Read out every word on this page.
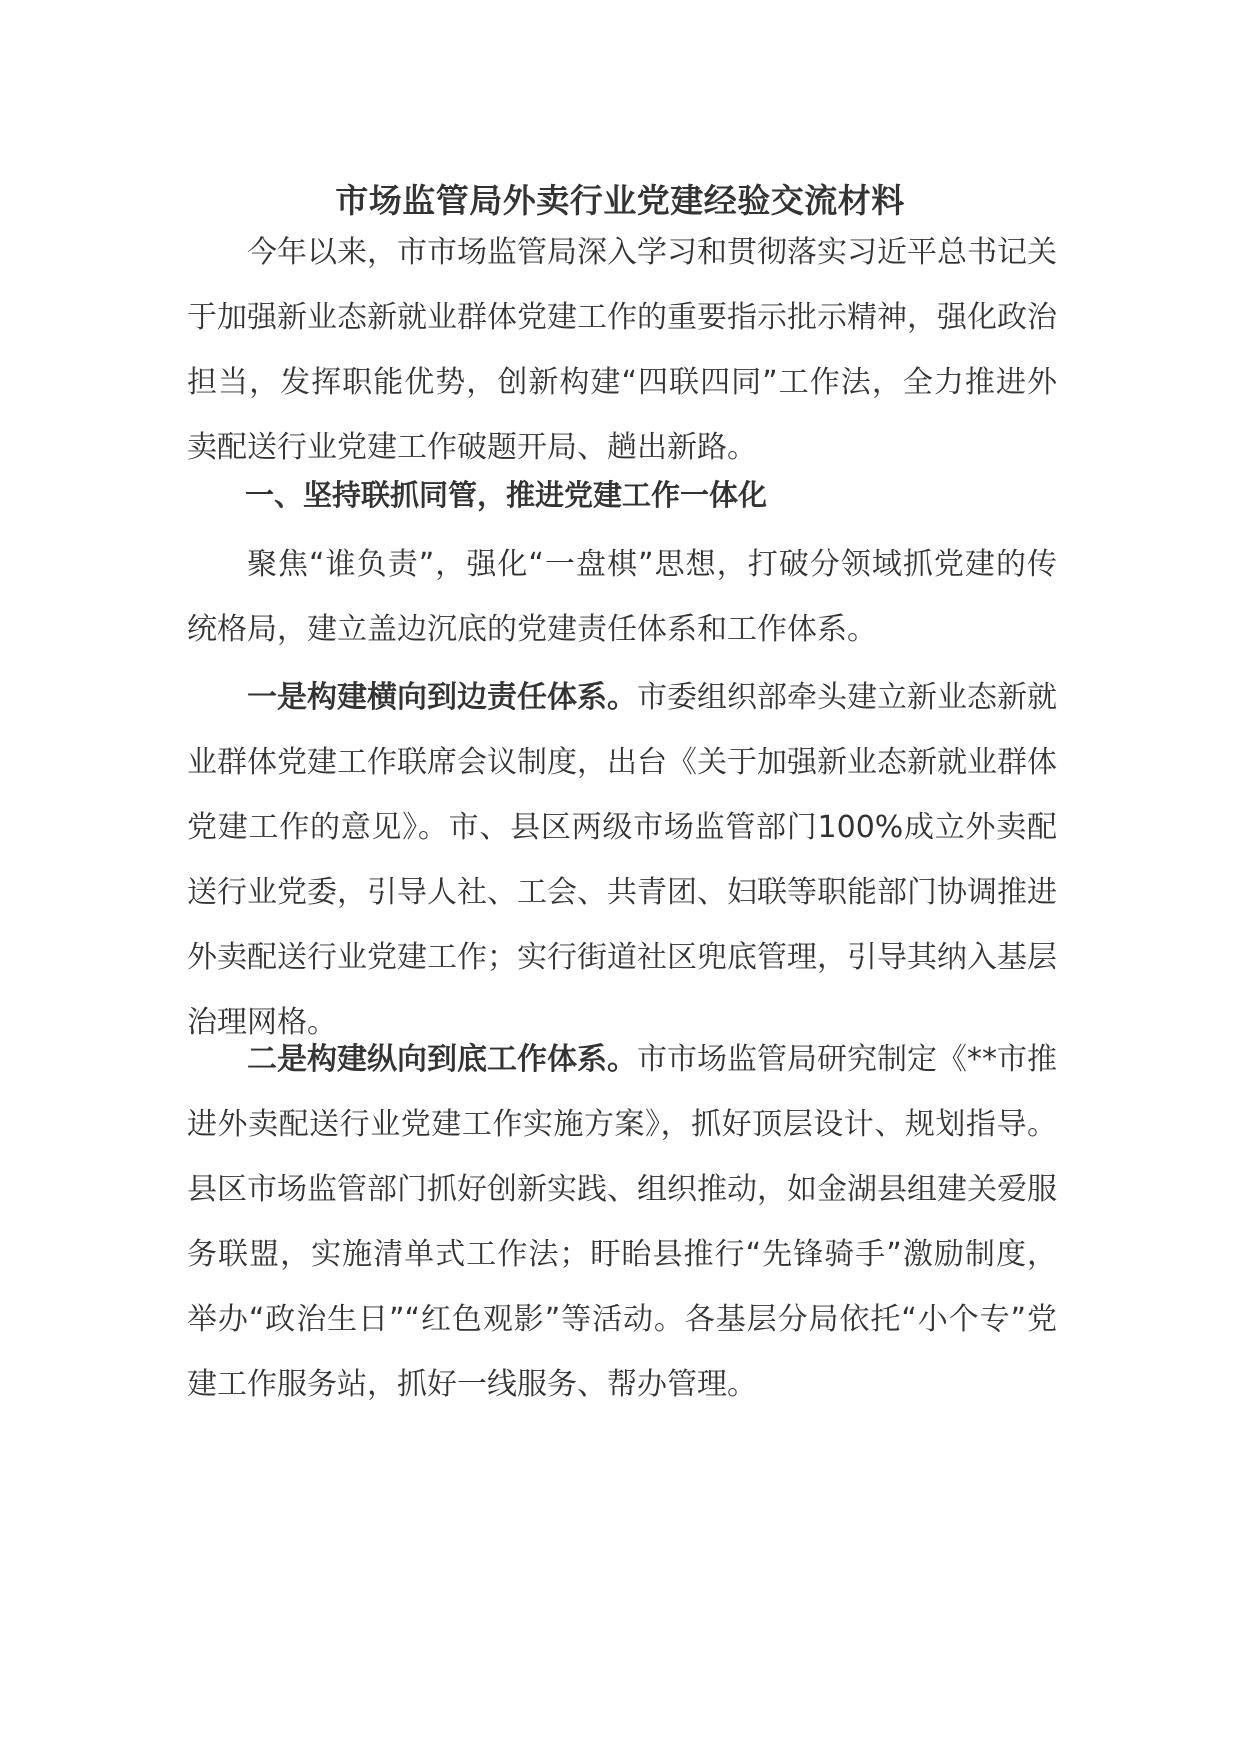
市场监管局外卖行业党建经验交流材料

今年以来，市市场监管局深入学习和贯彻落实习近平总书记关于加强新业态新就业群体党建工作的重要指示批示精神，强化政治担当，发挥职能优势，创新构建“四联四同”工作法，全力推进外卖配送行业党建工作破题开局、趟出新路。

一、坚持联抓同管，推进党建工作一体化

聚焦“谁负责”，强化“一盘棋”思想，打破分领域抓党建的传统格局，建立盖边沉底的党建责任体系和工作体系。

一是构建横向到边责任体系。市委组织部牵头建立新业态新就业群体党建工作联席会议制度，出台《关于加强新业态新就业群体党建工作的意见》。市、县区两级市场监管部门100%成立外卖配送行业党委，引导人社、工会、共青团、妇联等职能部门协调推进外卖配送行业党建工作；实行街道社区兜底管理，引导其纳入基层治理网格。

二是构建纵向到底工作体系。市市场监管局研究制定《**市推进外卖配送行业党建工作实施方案》，抓好顶层设计、规划指导。县区市场监管部门抓好创新实践、组织推动，如金湖县组建关爱服务联盟，实施清单式工作法；盱眙县推行“先锋骑手”激励制度，举办“政治生日”“红色观影”等活动。各基层分局依托“小个专”党建工作服务站，抓好一线服务、帮办管理。
